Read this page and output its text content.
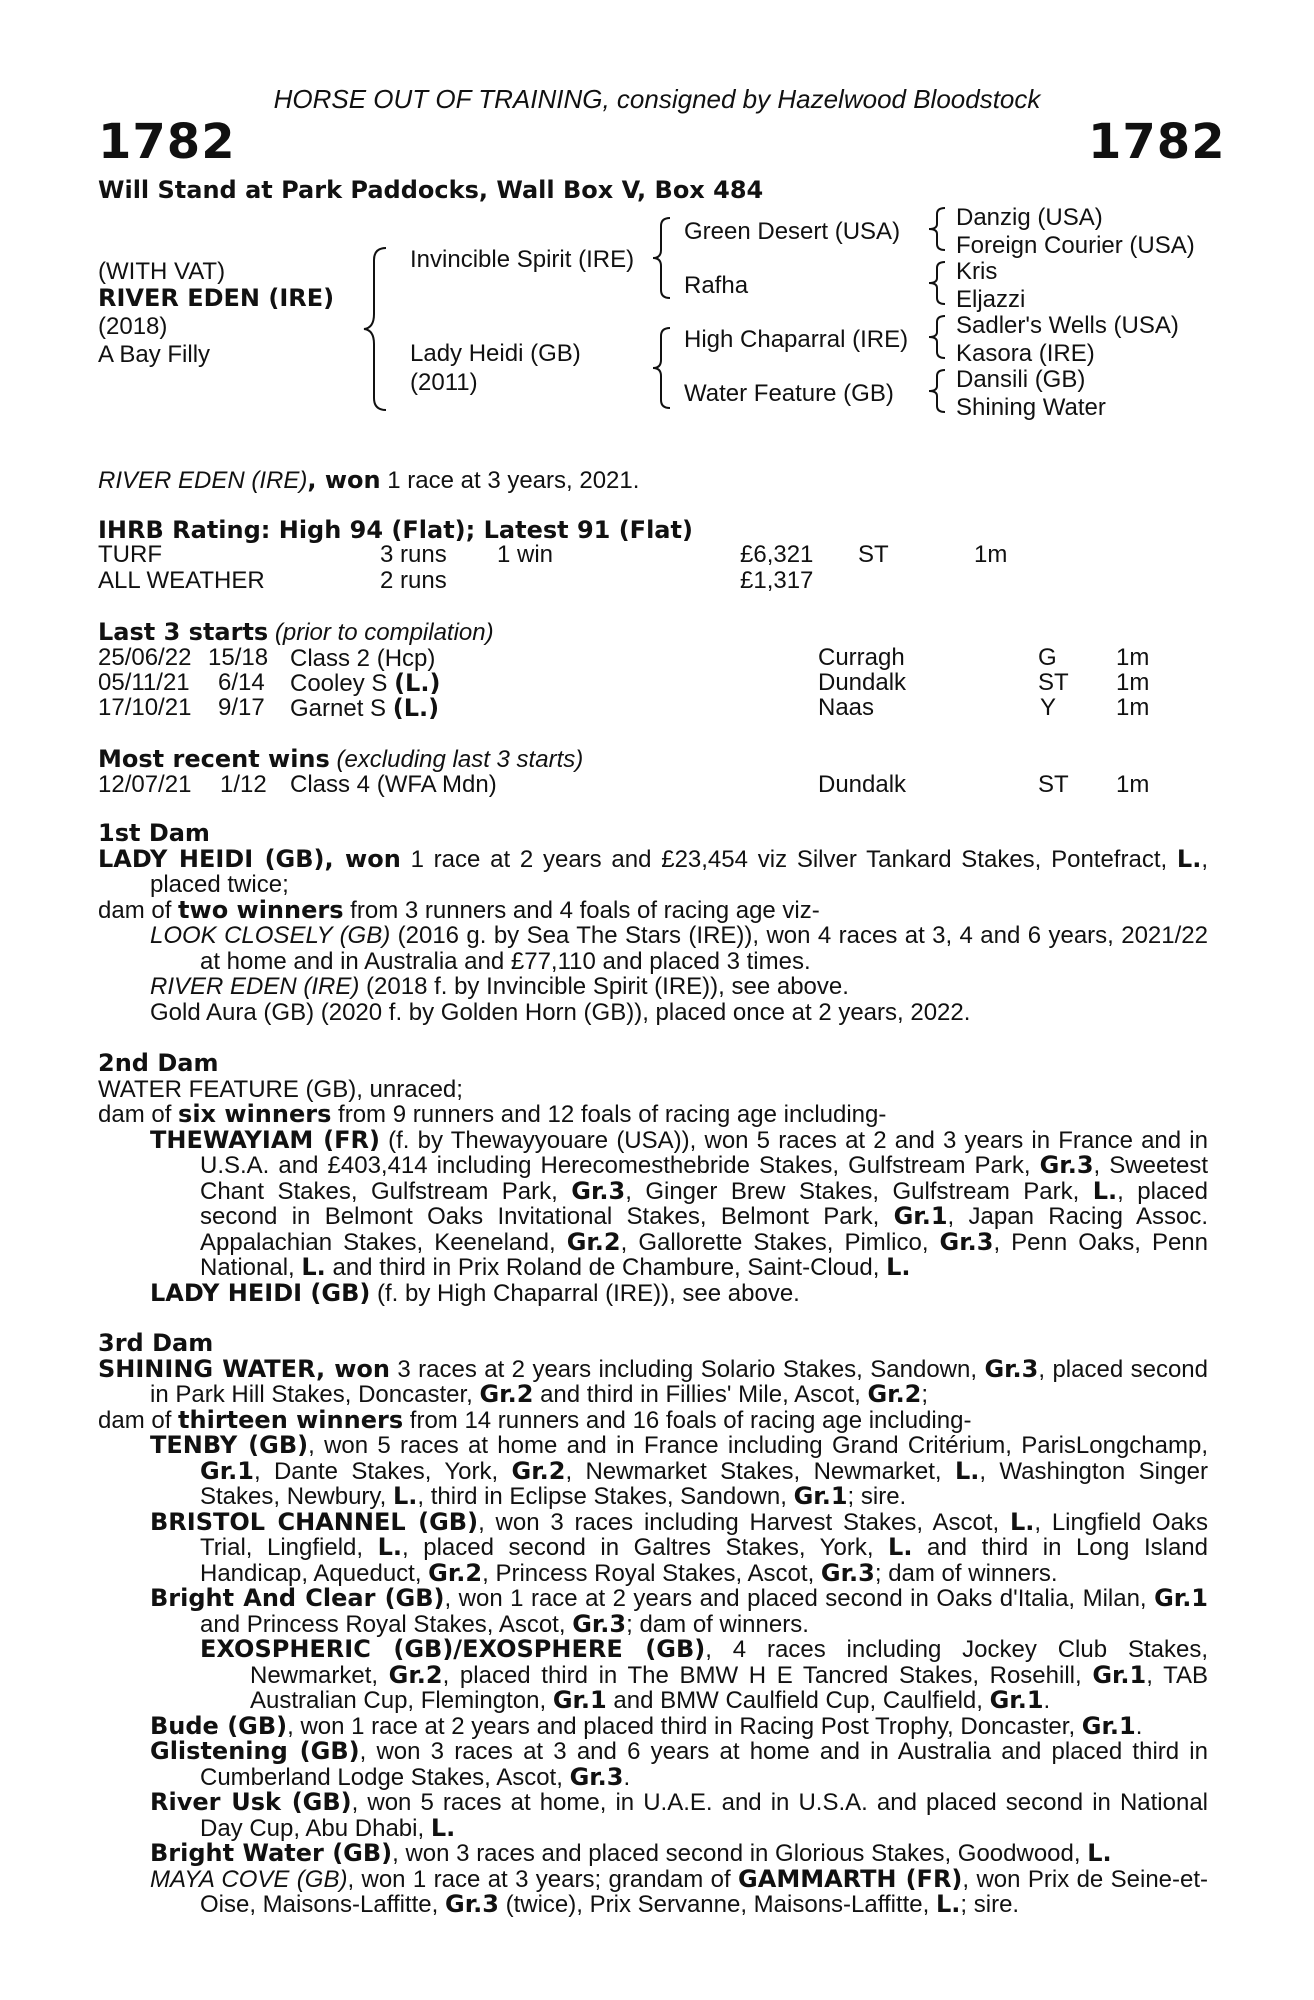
HORSE OUT OF TRAINING, consigned by Hazelwood Bloodstock
1782	1782
Will Stand at Park Paddocks, Wall Box V, Box 484
(WITH VAT)
RIVER EDEN (IRE)
(2018)
A Bay Filly
Invincible Spirit (IRE)
Lady Heidi (GB)
(2011)
Green Desert (USA)
Rafha
High Chaparral (IRE)
Water Feature (GB)
Danzig (USA)
Foreign Courier (USA)
Kris
Eljazzi
Sadler's Wells (USA)
Kasora (IRE)
Dansili (GB)
Shining Water
RIVER EDEN (IRE), won 1 race at 3 years, 2021.
IHRB Rating: High 94 (Flat); Latest 91 (Flat)
TURF	3 runs 1 win	£6,321 ST	1m
ALL WEATHER	2 runs	£1,317
Last 3 starts (prior to compilation)
25/06/22 15/18 Class 2 (Hcp)	Curragh	G 1m
05/11/21 6/14 Cooley S (L.)	Dundalk	ST 1m
17/10/21 9/17 Garnet S (L.)	Naas	Y 1m
Most recent wins (excluding last 3 starts)
12/07/21 1/12 Class 4 (WFA Mdn)	Dundalk	ST 1m

1st Dam

LADY HEIDI (GB), won 1 race at 2 years and £23,454 viz Silver Tankard Stakes, Pontefract, L., placed twice;

dam of two winners from 3 runners and 4 foals of racing age viz-

LOOK CLOSELY (GB) (2016 g. by Sea The Stars (IRE)), won 4 races at 3, 4 and 6 years, 2021/22 at home and in Australia and £77,110 and placed 3 times.

RIVER EDEN (IRE) (2018 f. by Invincible Spirit (IRE)), see above.

Gold Aura (GB) (2020 f. by Golden Horn (GB)), placed once at 2 years, 2022.

2nd Dam

WATER FEATURE (GB), unraced;

dam of six winners from 9 runners and 12 foals of racing age including-

THEWAYIAM (FR) (f. by Thewayyouare (USA)), won 5 races at 2 and 3 years in France and in U.S.A. and £403,414 including Herecomesthebride Stakes, Gulfstream Park, Gr.3, Sweetest Chant Stakes, Gulfstream Park, Gr.3, Ginger Brew Stakes, Gulfstream Park, L., placed second in Belmont Oaks Invitational Stakes, Belmont Park, Gr.1, Japan Racing Assoc. Appalachian Stakes, Keeneland, Gr.2, Gallorette Stakes, Pimlico, Gr.3, Penn Oaks, Penn National, L. and third in Prix Roland de Chambure, Saint-Cloud, L.

LADY HEIDI (GB) (f. by High Chaparral (IRE)), see above.

3rd Dam

SHINING WATER, won 3 races at 2 years including Solario Stakes, Sandown, Gr.3, placed second in Park Hill Stakes, Doncaster, Gr.2 and third in Fillies' Mile, Ascot, Gr.2;

dam of thirteen winners from 14 runners and 16 foals of racing age including-

TENBY (GB), won 5 races at home and in France including Grand Critérium, ParisLongchamp, Gr.1, Dante Stakes, York, Gr.2, Newmarket Stakes, Newmarket, L., Washington Singer Stakes, Newbury, L., third in Eclipse Stakes, Sandown, Gr.1; sire.

BRISTOL CHANNEL (GB), won 3 races including Harvest Stakes, Ascot, L., Lingfield Oaks Trial, Lingfield, L., placed second in Galtres Stakes, York, L. and third in Long Island Handicap, Aqueduct, Gr.2, Princess Royal Stakes, Ascot, Gr.3; dam of winners.

Bright And Clear (GB), won 1 race at 2 years and placed second in Oaks d'Italia, Milan, Gr.1 and Princess Royal Stakes, Ascot, Gr.3; dam of winners.

EXOSPHERIC (GB)/EXOSPHERE (GB), 4 races including Jockey Club Stakes, Newmarket, Gr.2, placed third in The BMW H E Tancred Stakes, Rosehill, Gr.1, TAB Australian Cup, Flemington, Gr.1 and BMW Caulfield Cup, Caulfield, Gr.1.

Bude (GB), won 1 race at 2 years and placed third in Racing Post Trophy, Doncaster, Gr.1.

Glistening (GB), won 3 races at 3 and 6 years at home and in Australia and placed third in Cumberland Lodge Stakes, Ascot, Gr.3.

River Usk (GB), won 5 races at home, in U.A.E. and in U.S.A. and placed second in National Day Cup, Abu Dhabi, L.

Bright Water (GB), won 3 races and placed second in Glorious Stakes, Goodwood, L.

MAYA COVE (GB), won 1 race at 3 years; grandam of GAMMARTH (FR), won Prix de Seine-et-Oise, Maisons-Laffitte, Gr.3 (twice), Prix Servanne, Maisons-Laffitte, L.; sire.
